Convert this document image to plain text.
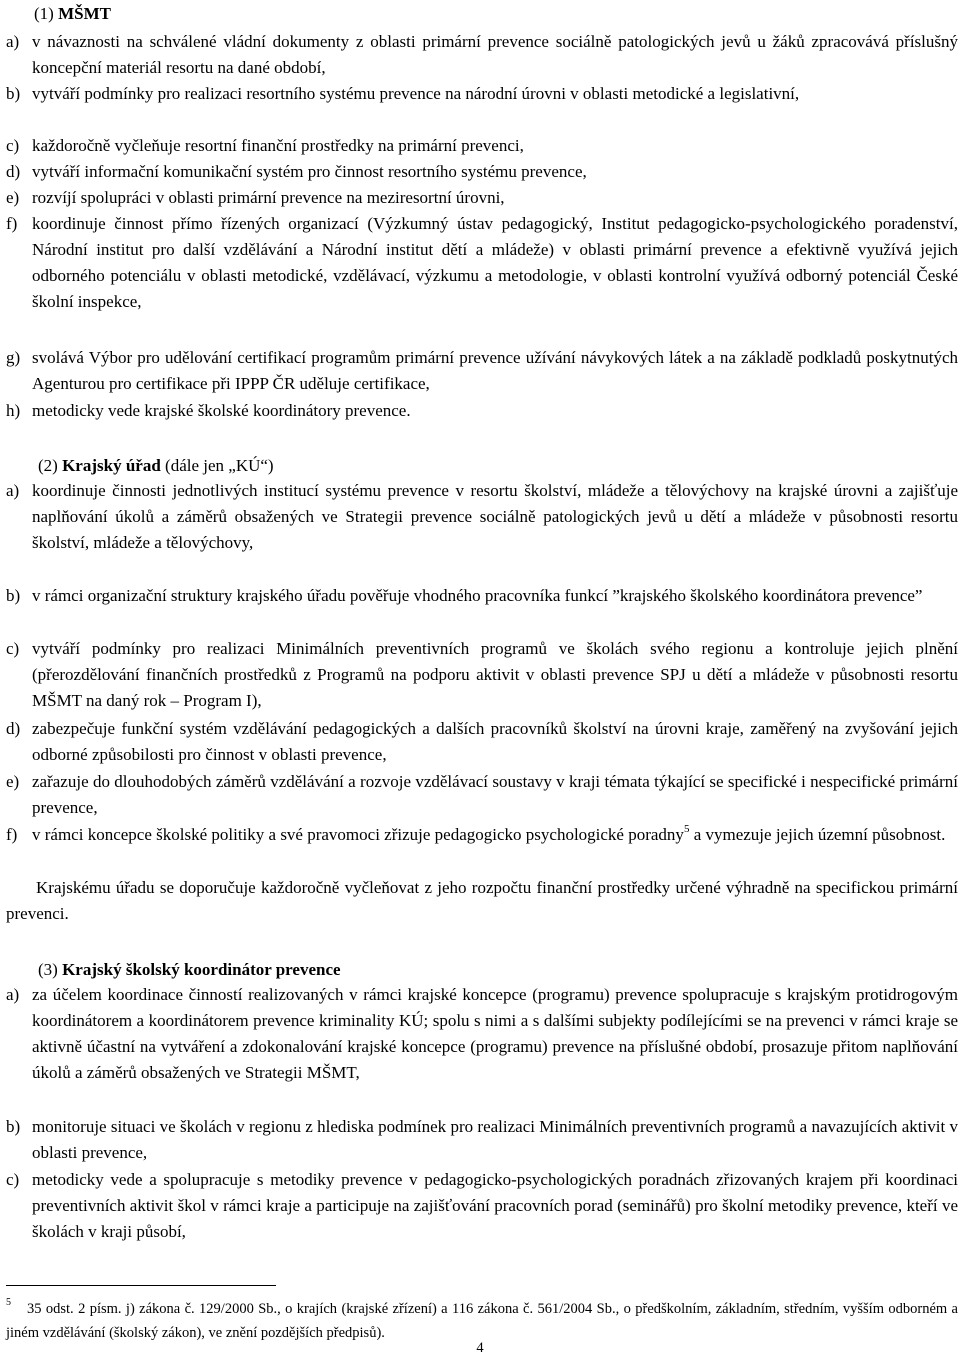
(1) MŠMT
a) v návaznosti na schválené vládní dokumenty z oblasti primární prevence sociálně patologických jevů u žáků zpracovává příslušný koncepční materiál resortu na dané období,
b) vytváří podmínky pro realizaci resortního systému prevence na národní úrovni v oblasti metodické a legislativní,
c) každoročně vyčleňuje resortní finanční prostředky na primární prevenci,
d) vytváří informační komunikační systém pro činnost resortního systému prevence,
e) rozvíjí spolupráci v oblasti primární prevence na meziresortní úrovni,
f) koordinuje činnost přímo řízených organizací (Výzkumný ústav pedagogický, Institut pedagogicko-psychologického poradenství, Národní institut pro další vzdělávání a Národní institut dětí a mládeže) v oblasti primární prevence a efektivně využívá jejich odborného potenciálu v oblasti metodické, vzdělávací, výzkumu a metodologie, v oblasti kontrolní využívá odborný potenciál České školní inspekce,
g) svolává Výbor pro udělování certifikací programům primární prevence užívání návykových látek a na základě podkladů poskytnutých Agenturou pro certifikace při IPPP ČR uděluje certifikace,
h) metodicky vede krajské školské koordinátory prevence.
(2) Krajský úřad (dále jen „KÚ“)
a) koordinuje činnosti jednotlivých institucí systému prevence v resortu školství, mládeže a tělovýchovy na krajské úrovni a zajišťuje naplňování úkolů a záměrů obsažených ve Strategii prevence sociálně patologických jevů u dětí a mládeže v působnosti resortu školství, mládeže a tělovýchovy,
b) v rámci organizační struktury krajského úřadu pověřuje vhodného pracovníka funkcí ”krajského školského koordinátora prevence”
c) vytváří podmínky pro realizaci Minimálních preventivních programů ve školách svého regionu a kontroluje jejich plnění (přerozdělování finančních prostředků z Programů na podporu aktivit v oblasti prevence SPJ u dětí a mládeže v působnosti resortu MŠMT na daný rok – Program I),
d) zabezpečuje funkční systém vzdělávání pedagogických a dalších pracovníků školství na úrovni kraje, zaměřený na zvyšování jejich odborné způsobilosti pro činnost v oblasti prevence,
e) zařazuje do dlouhodobých záměrů vzdělávání a rozvoje vzdělávací soustavy v kraji témata týkající se specifické i nespecifické primární prevence,
f) v rámci koncepce školské politiky a své pravomoci zřizuje pedagogicko psychologické poradny$^5$ a vymezuje jejich územní působnost.
Krajskému úřadu se doporučuje každoročně vyčleňovat z jeho rozpočtu finanční prostředky určené výhradně na specifickou primární prevenci.
(3) Krajský školský koordinátor prevence
a) za účelem koordinace činností realizovaných v rámci krajské koncepce (programu) prevence spolupracuje s krajským protidrogovým koordinátorem a koordinátorem prevence kriminality KÚ; spolu s nimi a s dalšími subjekty podílejícími se na prevenci v rámci kraje se aktivně účastní na vytváření a zdokonalování krajské koncepce (programu) prevence na příslušné období, prosazuje přitom naplňování úkolů a záměrů obsažených ve Strategii MŠMT,
b) monitoruje situaci ve školách v regionu z hlediska podmínek pro realizaci Minimálních preventivních programů a navazujících aktivit v oblasti prevence,
c) metodicky vede a spolupracuje s metodiky prevence v pedagogicko-psychologických poradnách zřizovaných krajem při koordinaci preventivních aktivit škol v rámci kraje a participuje na zajišťování pracovních porad (seminářů) pro školní metodiky prevence, kteří ve školách v kraji působí,
$^5$ 35 odst. 2 písm. j) zákona č. 129/2000 Sb., o krajích (krajské zřízení) a 116 zákona č. 561/2004 Sb., o předškolním, základním, středním, vyšším odborném a jiném vzdělávání (školský zákon), ve znění pozdějších předpisů).
4
